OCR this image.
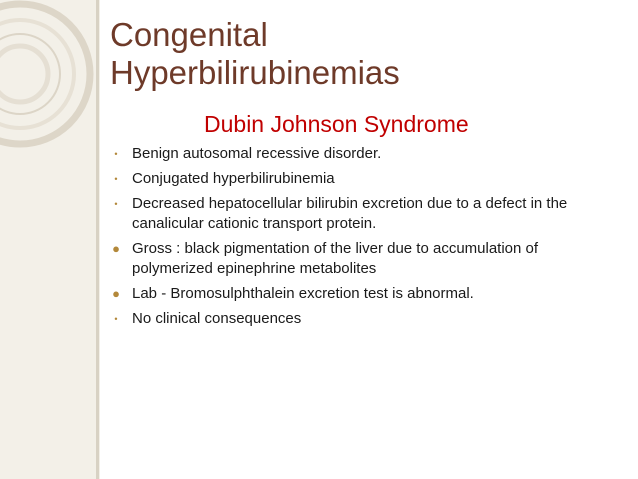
Congenital
Hyperbilirubinemias
Dubin Johnson Syndrome
• Benign autosomal recessive disorder.
• Conjugated hyperbilirubinemia
• Decreased hepatocellular bilirubin excretion due to a defect in the canalicular cationic transport protein.
● Gross : black pigmentation of the liver due to accumulation of polymerized epinephrine metabolites
● Lab - Bromosulphthalein excretion test is abnormal.
• No clinical consequences
